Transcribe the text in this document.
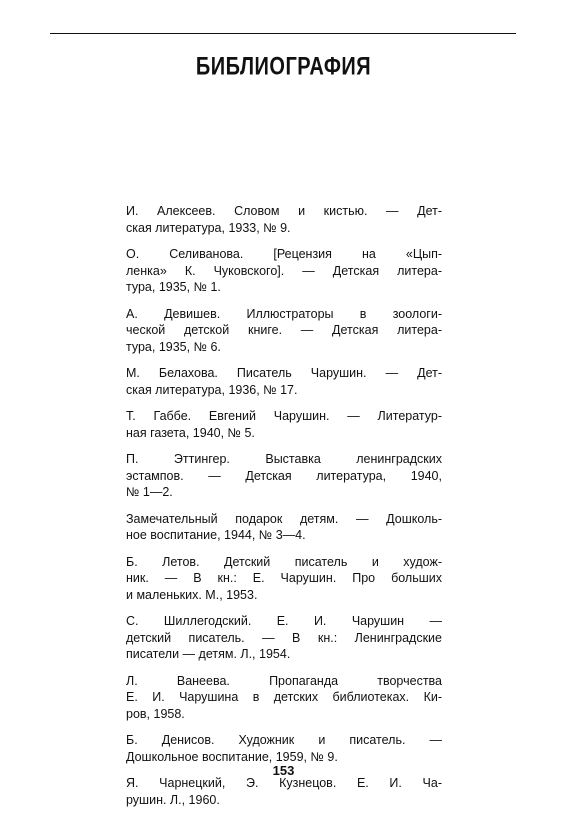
БИБЛИОГРАФИЯ
И. Алексеев. Словом и кистью. — Дет-
ская литература, 1933, № 9.
О. Селиванова. [Рецензия на «Цып-
ленка» К. Чуковского]. — Детская литера-
тура, 1935, № 1.
А. Девишев. Иллюстраторы в зоологи-
ческой детской книге. — Детская литера-
тура, 1935, № 6.
М. Белахова. Писатель Чарушин. — Дет-
ская литература, 1936, № 17.
Т. Габбе. Евгений Чарушин. — Литератур-
ная газета, 1940, № 5.
П. Эттингер. Выставка ленинградских
эстампов. — Детская литература, 1940,
№ 1—2.
Замечательный подарок детям. — Дошколь-
ное воспитание, 1944, № 3—4.
Б. Летов. Детский писатель и худож-
ник. — В кн.: Е. Чарушин. Про больших
и маленьких. М., 1953.
С. Шиллегодский. Е. И. Чарушин —
детский писатель. — В кн.: Ленинградские
писатели — детям. Л., 1954.
Л. Ванеева. Пропаганда творчества
Е. И. Чарушина в детских библиотеках. Ки-
ров, 1958.
Б. Денисов. Художник и писатель. —
Дошкольное воспитание, 1959, № 9.
Я. Чарнецкий, Э. Кузнецов. Е. И. Ча-
рушин. Л., 1960.
153
